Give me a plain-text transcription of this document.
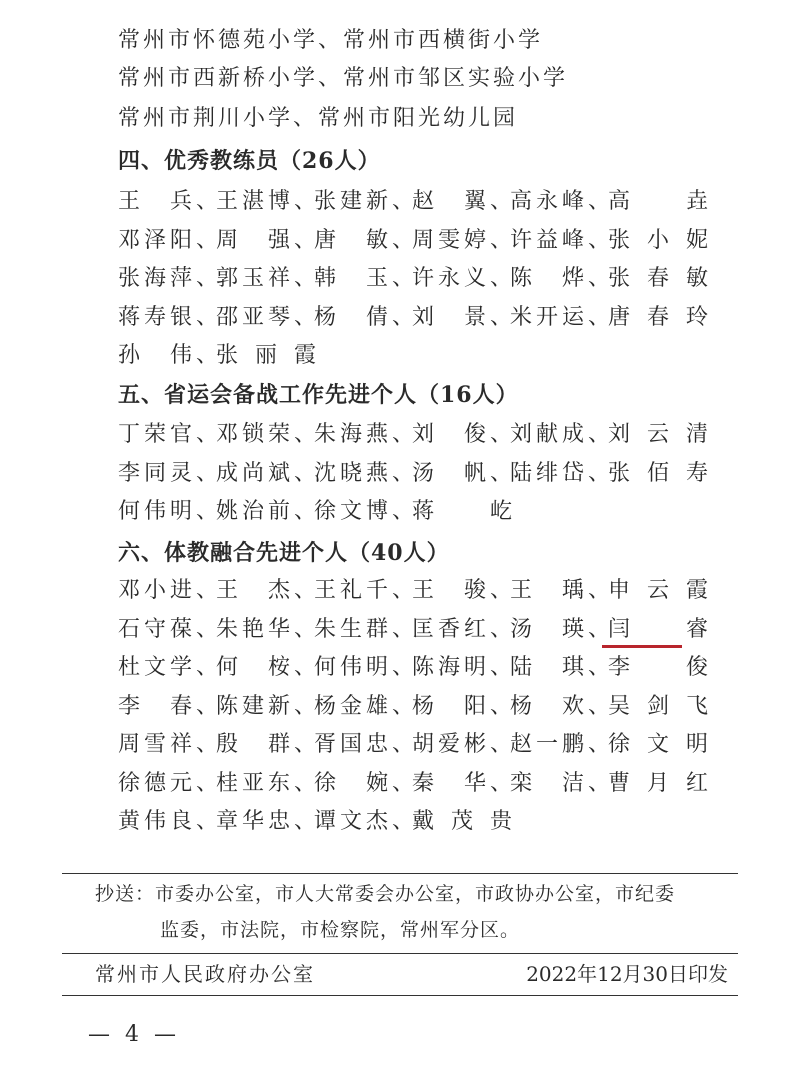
常州市怀德苑小学、常州市西横街小学
常州市西新桥小学、常州市邹区实验小学
常州市荆川小学、常州市阳光幼儿园
四、优秀教练员（26人）
王　兵、
王湛博、
张建新、
赵　翼、
高永峰、
高　垚
邓泽阳、
周　强、
唐　敏、
周雯婷、
许益峰、
张小妮
张海萍、
郭玉祥、
韩　玉、
许永义、
陈　烨、
张春敏
蒋寿银、
邵亚琴、
杨　倩、
刘　景、
米开运、
唐春玲
孙　伟、
张丽霞
五、省运会备战工作先进个人（16人）
丁荣官、
邓锁荣、
朱海燕、
刘　俊、
刘献成、
刘云清
李同灵、
成尚斌、
沈晓燕、
汤　帆、
陆绯岱、
张佰寿
何伟明、
姚治前、
徐文博、
蒋　屹
六、体教融合先进个人（40人）
邓小进、
王　杰、
王礼千、
王　骏、
王　瑀、
申云霞
石守葆、
朱艳华、
朱生群、
匡香红、
汤　瑛、
闫　睿
杜文学、
何　桉、
何伟明、
陈海明、
陆　琪、
李　俊
李　春、
陈建新、
杨金雄、
杨　阳、
杨　欢、
吴剑飞
周雪祥、
殷　群、
胥国忠、
胡爱彬、
赵一鹏、
徐文明
徐德元、
桂亚东、
徐　婉、
秦　华、
栾　洁、
曹月红
黄伟良、
章华忠、
谭文杰、
戴茂贵
抄送：市委办公室，市人大常委会办公室，市政协办公室，市纪委
监委，市法院，市检察院，常州军分区。
常州市人民政府办公室	2022年12月30日印发
— 4 —
